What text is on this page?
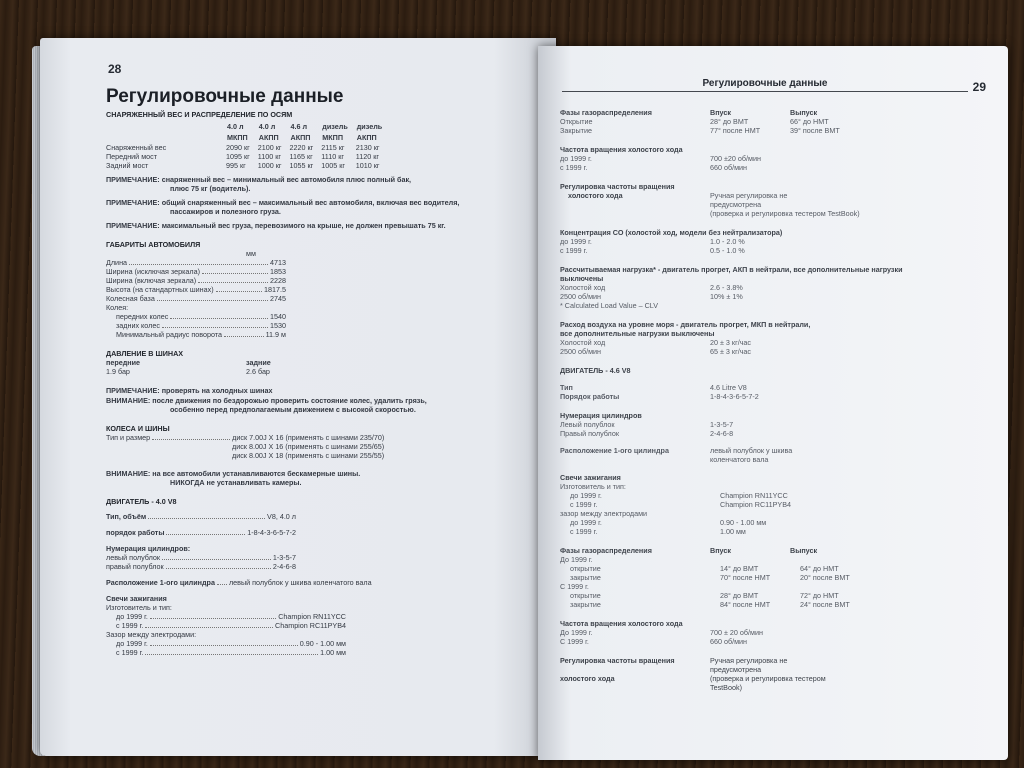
28
Регулировочные данные
СНАРЯЖЕННЫЙ ВЕС И РАСПРЕДЕЛЕНИЕ ПО ОСЯМ
	4.0 л	4.0 л	4.6 л	дизель	дизель
	МКПП	АКПП	АКПП	МКПП	АКПП
Снаряженный вес	2090 кг	2100 кг	2220 кг	2115 кг	2130 кг
Передний мост	1095 кг	1100 кг	1165 кг	1110 кг	1120 кг
Задний мост	995 кг	1000 кг	1055 кг	1005 кг	1010 кг
ПРИМЕЧАНИЕ: снаряженный вес – минимальный вес автомобиля плюс полный бак,
плюс 75 кг (водитель).
ПРИМЕЧАНИЕ: общий снаряженный вес – максимальный вес автомобиля, включая вес водителя,
пассажиров и полезного груза.
ПРИМЕЧАНИЕ: максимальный вес груза, перевозимого на крыше, не должен превышать 75 кг.
ГАБАРИТЫ АВТОМОБИЛЯ
мм
Длина	4713
Ширина (исключая зеркала)	1853
Ширина (включая зеркала)	2228
Высота (на стандартных шинах)	1817.5
Колесная база	2745
Колея:
передних колес	1540
задних колес	1530
Минимальный радиус поворота	11.9 м
ДАВЛЕНИЕ В ШИНАХ
передние	задние
1.9 бар	2.6 бар
ПРИМЕЧАНИЕ: проверять на холодных шинах
ВНИМАНИЕ: после движения по бездорожью проверить состояние колес, удалить грязь,
особенно перед предполагаемым движением с высокой скоростью.
КОЛЕСА И ШИНЫ
Тип и размер	диск 7.00J X 16 (применять с шинами 235/70)
диск 8.00J X 16 (применять с шинами 255/65)
диск 8.00J X 18 (применять с шинами 255/55)
ВНИМАНИЕ: на все автомобили устанавливаются бескамерные шины.
НИКОГДА не устанавливать камеры.
ДВИГАТЕЛЬ - 4.0 V8
Тип, объём	V8, 4.0 л
порядок работы	1-8-4-3-6-5-7-2
Нумерация цилиндров:
левый полублок	1-3-5-7
правый полублок	2-4-6-8
Расположение 1-ого цилиндра левый полублок у шкива коленчатого вала
Свечи зажигания
Изготовитель и тип:
до 1999 г.	Champion RN11YCC
с 1999 г.	Champion RC11PYB4
Зазор между электродами:
до 1999 г.	0.90 - 1.00 мм
с 1999 г.	1.00 мм
Регулировочные данные	29
Фазы газораспределения	Впуск	Выпуск
Открытие	28° до ВМТ	66° до НМТ
Закрытие	77° после НМТ	39° после ВМТ
Частота вращения холостого хода
до 1999 г.	700 ±20 об/мин
с 1999 г.	660 об/мин
Регулировка частоты вращения
холостого хода	Ручная регулировка не предусмотрена
(проверка и регулировка тестером TestBook)
Концентрация СО (холостой ход, модели без нейтрализатора)
до 1999 г.	1.0 - 2.0 %
с 1999 г.	0.5 - 1.0 %
Рассчитываемая нагрузка* - двигатель прогрет, АКП в нейтрали, все дополнительные нагрузки
выключены
Холостой ход	2.6 - 3.8%
2500 об/мин	10% ± 1%
* Calculated Load Value – CLV
Расход воздуха на уровне моря - двигатель прогрет, МКП в нейтрали,
все дополнительные нагрузки выключены
Холостой ход	20 ± 3 кг/час
2500 об/мин	65 ± 3 кг/час
ДВИГАТЕЛЬ - 4.6 V8
Тип	4.6 Litre V8
Порядок работы	1-8-4-3-6-5-7-2
Нумерация цилиндров
Левый полублок	1-3-5-7
Правый полублок	2-4-6-8
Расположение 1-ого цилиндра	левый полублок у шкива коленчатого вала
Свечи зажигания
Изготовитель и тип:
до 1999 г.	Champion RN11YCC
с 1999 г.	Champion RC11PYB4
зазор между электродами
до 1999 г.	0.90 - 1.00 мм
с 1999 г.	1.00 мм
Фазы газораспределения	Впуск	Выпуск
До 1999 г.
открытие	14° до ВМТ	64° до НМТ
закрытие	70° после НМТ	20° после ВМТ
С 1999 г.
открытие	28° до ВМТ	72° до НМТ
закрытие	84° после НМТ	24° после ВМТ
Частота вращения холостого хода
До 1999 г.	700 ± 20 об/мин
С 1999 г.	660 об/мин
Регулировка частоты вращения	Ручная регулировка не предусмотрена
холостого хода	(проверка и регулировка тестером TestBook)
